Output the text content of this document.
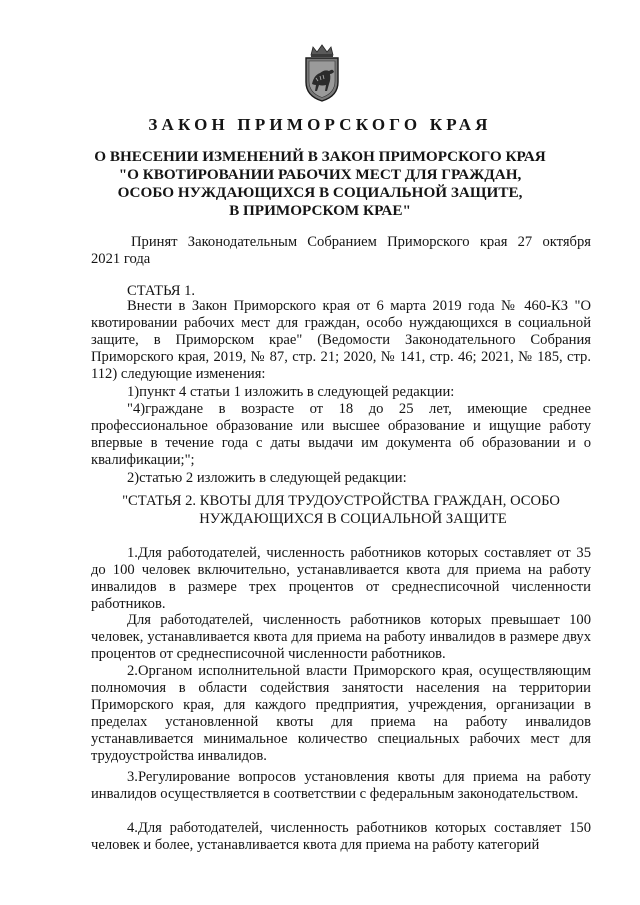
ЗАКОН ПРИМОРСКОГО КРАЯ
О ВНЕСЕНИИ ИЗМЕНЕНИЙ В ЗАКОН ПРИМОРСКОГО КРАЯ
"О КВОТИРОВАНИИ РАБОЧИХ МЕСТ ДЛЯ ГРАЖДАН,
ОСОБО НУЖДАЮЩИХСЯ В СОЦИАЛЬНОЙ ЗАЩИТЕ,
В ПРИМОРСКОМ КРАЕ"
Принят Законодательным Собранием Приморского края 27 октября
2021 года
СТАТЬЯ 1.

Внести в Закон Приморского края от 6 марта 2019 года № 460-КЗ "О квотировании рабочих мест для граждан, особо нуждающихся в социальной защите, в Приморском крае" (Ведомости Законодательного Собрания Приморского края, 2019, № 87, стр. 21; 2020, № 141, стр. 46; 2021, № 185, стр. 112) следующие изменения:

1)пункт 4 статьи 1 изложить в следующей редакции:

"4)граждане в возрасте от 18 до 25 лет, имеющие среднее профессиональное образование или высшее образование и ищущие работу впервые в течение года с даты выдачи им документа об образовании и о квалификации;";

2)статью 2 изложить в следующей редакции:
"СТАТЬЯ 2. КВОТЫ ДЛЯ ТРУДОУСТРОЙСТВА ГРАЖДАН, ОСОБО
НУЖДАЮЩИХСЯ В СОЦИАЛЬНОЙ ЗАЩИТЕ

1.Для работодателей, численность работников которых составляет от 35 до 100 человек включительно, устанавливается квота для приема на работу инвалидов в размере трех процентов от среднесписочной численности работников.

Для работодателей, численность работников которых превышает 100 человек, устанавливается квота для приема на работу инвалидов в размере двух процентов от среднесписочной численности работников.

2.Органом исполнительной власти Приморского края, осуществляющим полномочия в области содействия занятости населения на территории Приморского края, для каждого предприятия, учреждения, организации в пределах установленной квоты для приема на работу инвалидов устанавливается минимальное количество специальных рабочих мест для трудоустройства инвалидов.

3.Регулирование вопросов установления квоты для приема на работу инвалидов осуществляется в соответствии с федеральным законодательством.

4.Для работодателей, численность работников которых составляет 150 человек и более, устанавливается квота для приема на работу категорий
